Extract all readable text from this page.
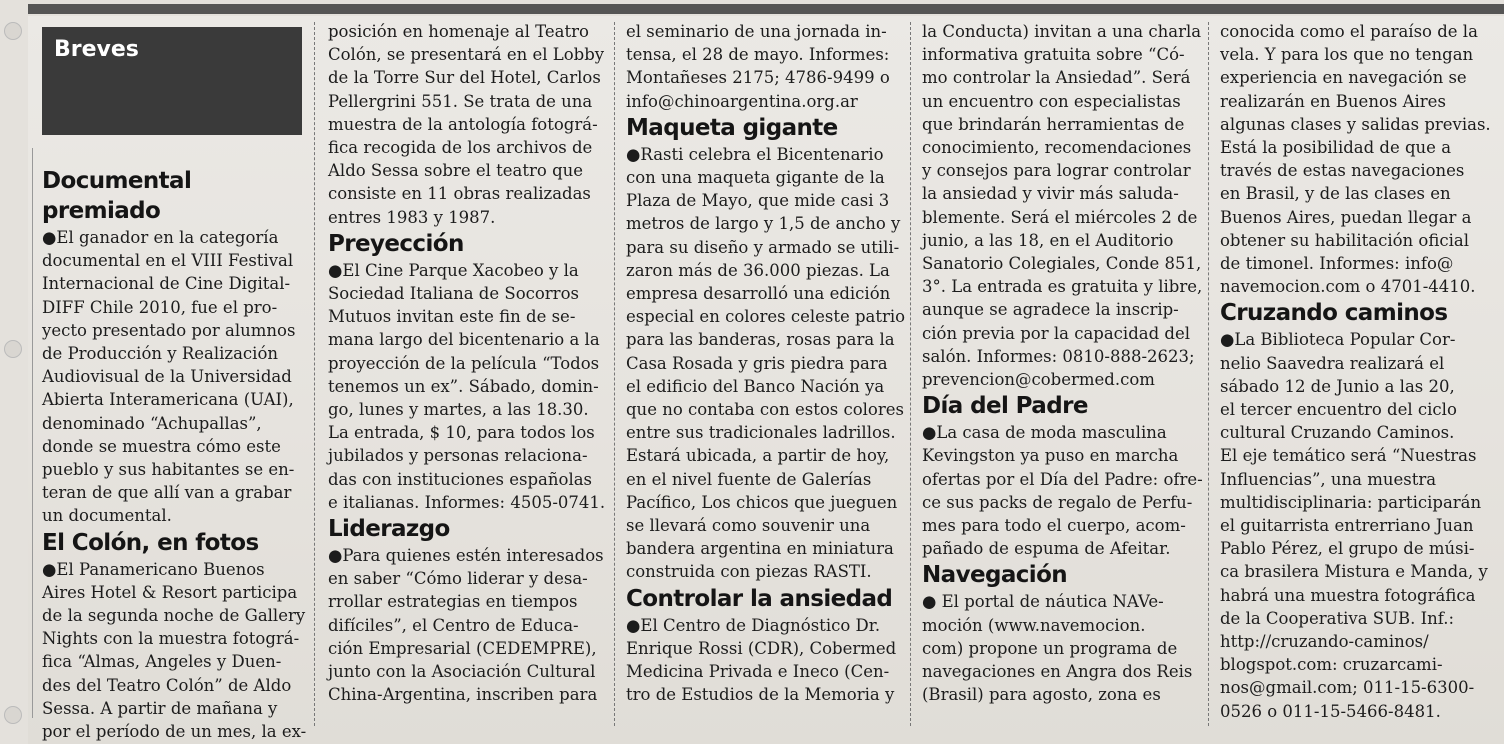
Breves
Documental premiado

●El ganador en la categoría

documental en el VIII Festival

Internacional de Cine Digital-

DIFF Chile 2010, fue el pro-

yecto presentado por alumnos

de Producción y Realización

Audiovisual de la Universidad

Abierta Interamericana (UAI),

denominado “Achupallas”,

donde se muestra cómo este

pueblo y sus habitantes se en-

teran de que allí van a grabar

un documental.

El Colón, en fotos

●El Panamericano Buenos

Aires Hotel & Resort participa

de la segunda noche de Gallery

Nights con la muestra fotográ-

fica “Almas, Angeles y Duen-

des del Teatro Colón” de Aldo

Sessa. A partir de mañana y

por el período de un mes, la ex-

posición en homenaje al Teatro

Colón, se presentará en el Lobby

de la Torre Sur del Hotel, Carlos

Pellergrini 551. Se trata de una

muestra de la antología fotográ-

fica recogida de los archivos de

Aldo Sessa sobre el teatro que

consiste en 11 obras realizadas

entres 1983 y 1987.

Preyección

●El Cine Parque Xacobeo y la

Sociedad Italiana de Socorros

Mutuos invitan este fin de se-

mana largo del bicentenario a la

proyección de la película “Todos

tenemos un ex”. Sábado, domin-

go, lunes y martes, a las 18.30.

La entrada, $ 10, para todos los

jubilados y personas relaciona-

das con instituciones españolas

e italianas. Informes: 4505-0741.

Liderazgo

●Para quienes estén interesados

en saber “Cómo liderar y desa-

rrollar estrategias en tiempos

difíciles”, el Centro de Educa-

ción Empresarial (CEDEMPRE),

junto con la Asociación Cultural

China-Argentina, inscriben para

el seminario de una jornada in-

tensa, el 28 de mayo. Informes:

Montañeses 2175; 4786-9499 o

info@chinoargentina.org.ar

Maqueta gigante

●Rasti celebra el Bicentenario

con una maqueta gigante de la

Plaza de Mayo, que mide casi 3

metros de largo y 1,5 de ancho y

para su diseño y armado se utili-

zaron más de 36.000 piezas. La

empresa desarrolló una edición

especial en colores celeste patrio

para las banderas, rosas para la

Casa Rosada y gris piedra para

el edificio del Banco Nación ya

que no contaba con estos colores

entre sus tradicionales ladrillos.

Estará ubicada, a partir de hoy,

en el nivel fuente de Galerías

Pacífico, Los chicos que jueguen

se llevará como souvenir una

bandera argentina en miniatura

construida con piezas RASTI.

Controlar la ansiedad

●El Centro de Diagnóstico Dr.

Enrique Rossi (CDR), Cobermed

Medicina Privada e Ineco (Cen-

tro de Estudios de la Memoria y

la Conducta) invitan a una charla

informativa gratuita sobre “Có-

mo controlar la Ansiedad”. Será

un encuentro con especialistas

que brindarán herramientas de

conocimiento, recomendaciones

y consejos para lograr controlar

la ansiedad y vivir más saluda-

blemente. Será el miércoles 2 de

junio, a las 18, en el Auditorio

Sanatorio Colegiales, Conde 851,

3°. La entrada es gratuita y libre,

aunque se agradece la inscrip-

ción previa por la capacidad del

salón. Informes: 0810-888-2623;

prevencion@cobermed.com

Día del Padre

●La casa de moda masculina

Kevingston ya puso en marcha

ofertas por el Día del Padre: ofre-

ce sus packs de regalo de Perfu-

mes para todo el cuerpo, acom-

pañado de espuma de Afeitar.

Navegación

● El portal de náutica NAVe-

moción (www.navemocion.

com) propone un programa de

navegaciones en Angra dos Reis

(Brasil) para agosto, zona es

conocida como el paraíso de la

vela. Y para los que no tengan

experiencia en navegación se

realizarán en Buenos Aires

algunas clases y salidas previas.

Está la posibilidad de que a

través de estas navegaciones

en Brasil, y de las clases en

Buenos Aires, puedan llegar a

obtener su habilitación oficial

de timonel. Informes: info@

navemocion.com o 4701-4410.

Cruzando caminos

●La Biblioteca Popular Cor-

nelio Saavedra realizará el

sábado 12 de Junio a las 20,

el tercer encuentro del ciclo

cultural Cruzando Caminos.

El eje temático será “Nuestras

Influencias”, una muestra

multidisciplinaria: participarán

el guitarrista entrerriano Juan

Pablo Pérez, el grupo de músi-

ca brasilera Mistura e Manda, y

habrá una muestra fotográfica

de la Cooperativa SUB. Inf.:

http://cruzando-caminos/

blogspot.com: cruzarcami-

nos@gmail.com; 011-15-6300-

0526 o 011-15-5466-8481.
